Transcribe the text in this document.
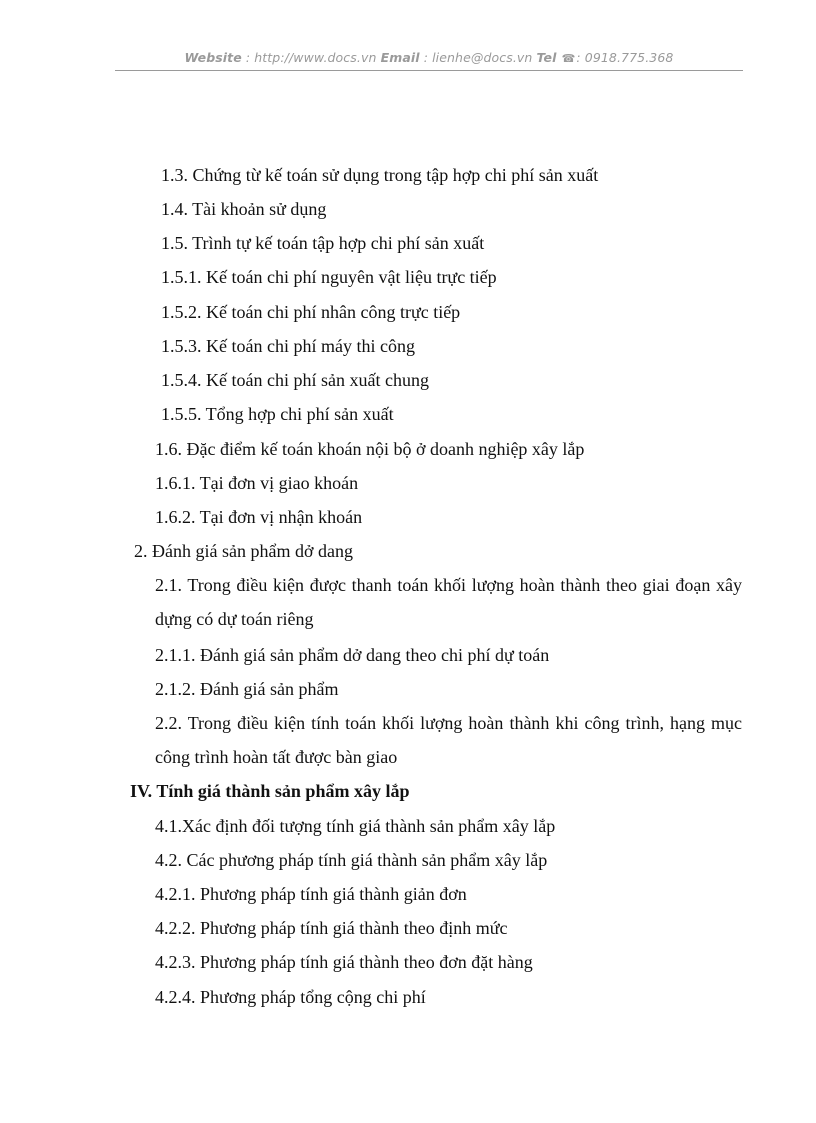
Website : http://www.docs.vn Email : lienhe@docs.vn Tel ☎: 0918.775.368
1.3. Chứng từ kế toán sử dụng trong tập hợp chi phí sản xuất
1.4. Tài khoản sử dụng
1.5. Trình tự kế toán tập hợp chi phí sản xuất
1.5.1. Kế toán chi phí nguyên vật liệu trực tiếp
1.5.2. Kế toán chi phí nhân công trực tiếp
1.5.3. Kế toán chi phí máy thi công
1.5.4. Kế toán chi phí sản xuất chung
1.5.5. Tổng hợp chi phí sản xuất
1.6. Đặc điểm kế toán khoán nội bộ ở doanh nghiệp xây lắp
1.6.1. Tại đơn vị giao khoán
1.6.2. Tại đơn vị nhận khoán
2. Đánh giá sản phẩm dở dang
2.1. Trong điều kiện được thanh toán khối lượng hoàn thành theo giai đoạn xây dựng có dự toán riêng
2.1.1. Đánh giá sản phẩm dở dang theo chi phí dự toán
2.1.2. Đánh giá sản phẩm
2.2. Trong điều kiện tính toán khối lượng hoàn thành khi công trình, hạng mục công trình hoàn tất được bàn giao
IV. Tính giá thành sản phẩm xây lắp
4.1.Xác định đối tượng tính giá thành sản phẩm xây lắp
4.2. Các phương pháp tính giá thành sản phẩm xây lắp
4.2.1. Phương pháp tính giá thành giản đơn
4.2.2. Phương pháp tính giá thành theo định mức
4.2.3. Phương pháp tính giá thành theo đơn đặt hàng
4.2.4. Phương pháp tổng cộng chi phí
